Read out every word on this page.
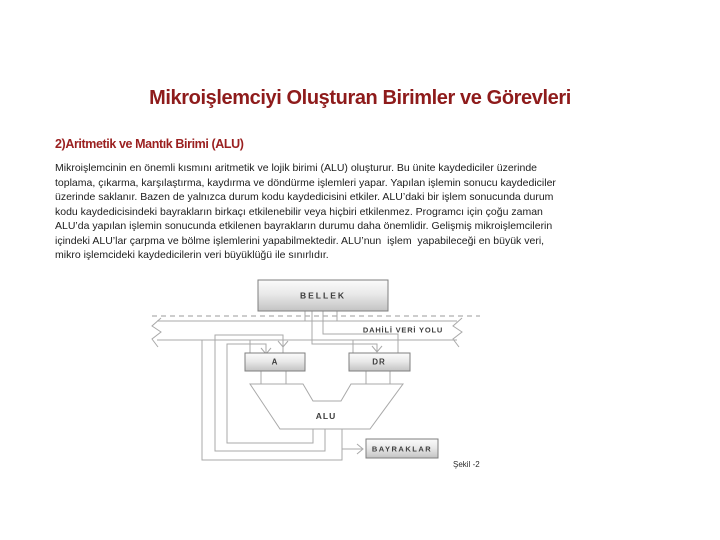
Mikroişlemciyi Oluşturan Birimler ve Görevleri
2)Aritmetik ve Mantık Birimi (ALU)
Mikroişlemcinin en önemli kısmını aritmetik ve lojik birimi (ALU) oluşturur. Bu ünite kaydediciler üzerinde
toplama, çıkarma, karşılaştırma, kaydırma ve döndürme işlemleri yapar. Yapılan işlemin sonucu kaydediciler
üzerinde saklanır. Bazen de yalnızca durum kodu kaydedicisini etkiler. ALU’daki bir işlem sonucunda durum
kodu kaydedicisindeki bayrakların birkaçı etkilenebilir veya hiçbiri etkilenmez. Programcı için çoğu zaman
ALU’da yapılan işlemin sonucunda etkilenen bayrakların durumu daha önemlidir. Gelişmiş mikroişlemcilerin
içindeki ALU’lar çarpma ve bölme işlemlerini yapabilmektedir. ALU’nun  işlem  yapabileceği en büyük veri,
mikro işlemcideki kaydedicilerin veri büyüklüğü ile sınırlıdır.
BELLEK
DAHİLİ VERİ YOLU
A	DR
ALU
BAYRAKLAR
Şekil -2
